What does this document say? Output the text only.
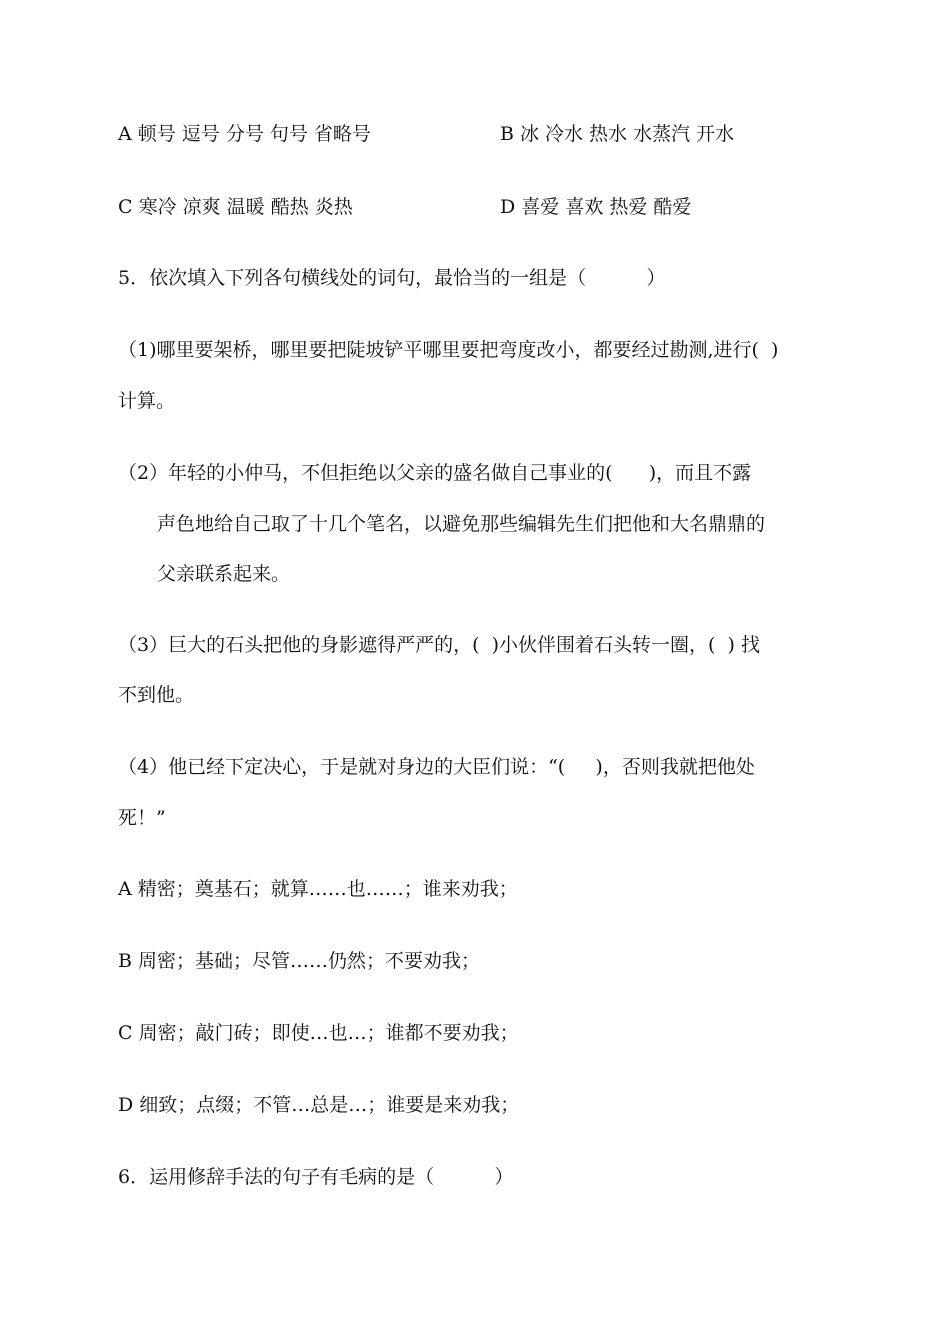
A 顿号 逗号 分号 句号 省略号	B 冰 冷水 热水 水蒸汽 开水
C 寒冷 凉爽 温暖 酷热 炎热	D 喜爱 喜欢 热爱 酷爱
5．依次填入下列各句横线处的词句，最恰当的一组是（          ）
（1)哪里要架桥，哪里要把陡坡铲平哪里要把弯度改小，都要经过勘测,进行(  )
计算。
（2）年轻的小仲马，不但拒绝以父亲的盛名做自己事业的(      )，而且不露
声色地给自己取了十几个笔名，以避免那些编辑先生们把他和大名鼎鼎的
父亲联系起来。
（3）巨大的石头把他的身影遮得严严的，(  )小伙伴围着石头转一圈，(  ) 找
不到他。
（4）他已经下定决心，于是就对身边的大臣们说：“(     )，否则我就把他处
死！”
A 精密；奠基石；就算……也……；谁来劝我；
B 周密；基础；尽管……仍然；不要劝我；
C 周密；敲门砖；即使…也…；谁都不要劝我；
D 细致；点缀；不管…总是…；谁要是来劝我；
6．运用修辞手法的句子有毛病的是（          ）
